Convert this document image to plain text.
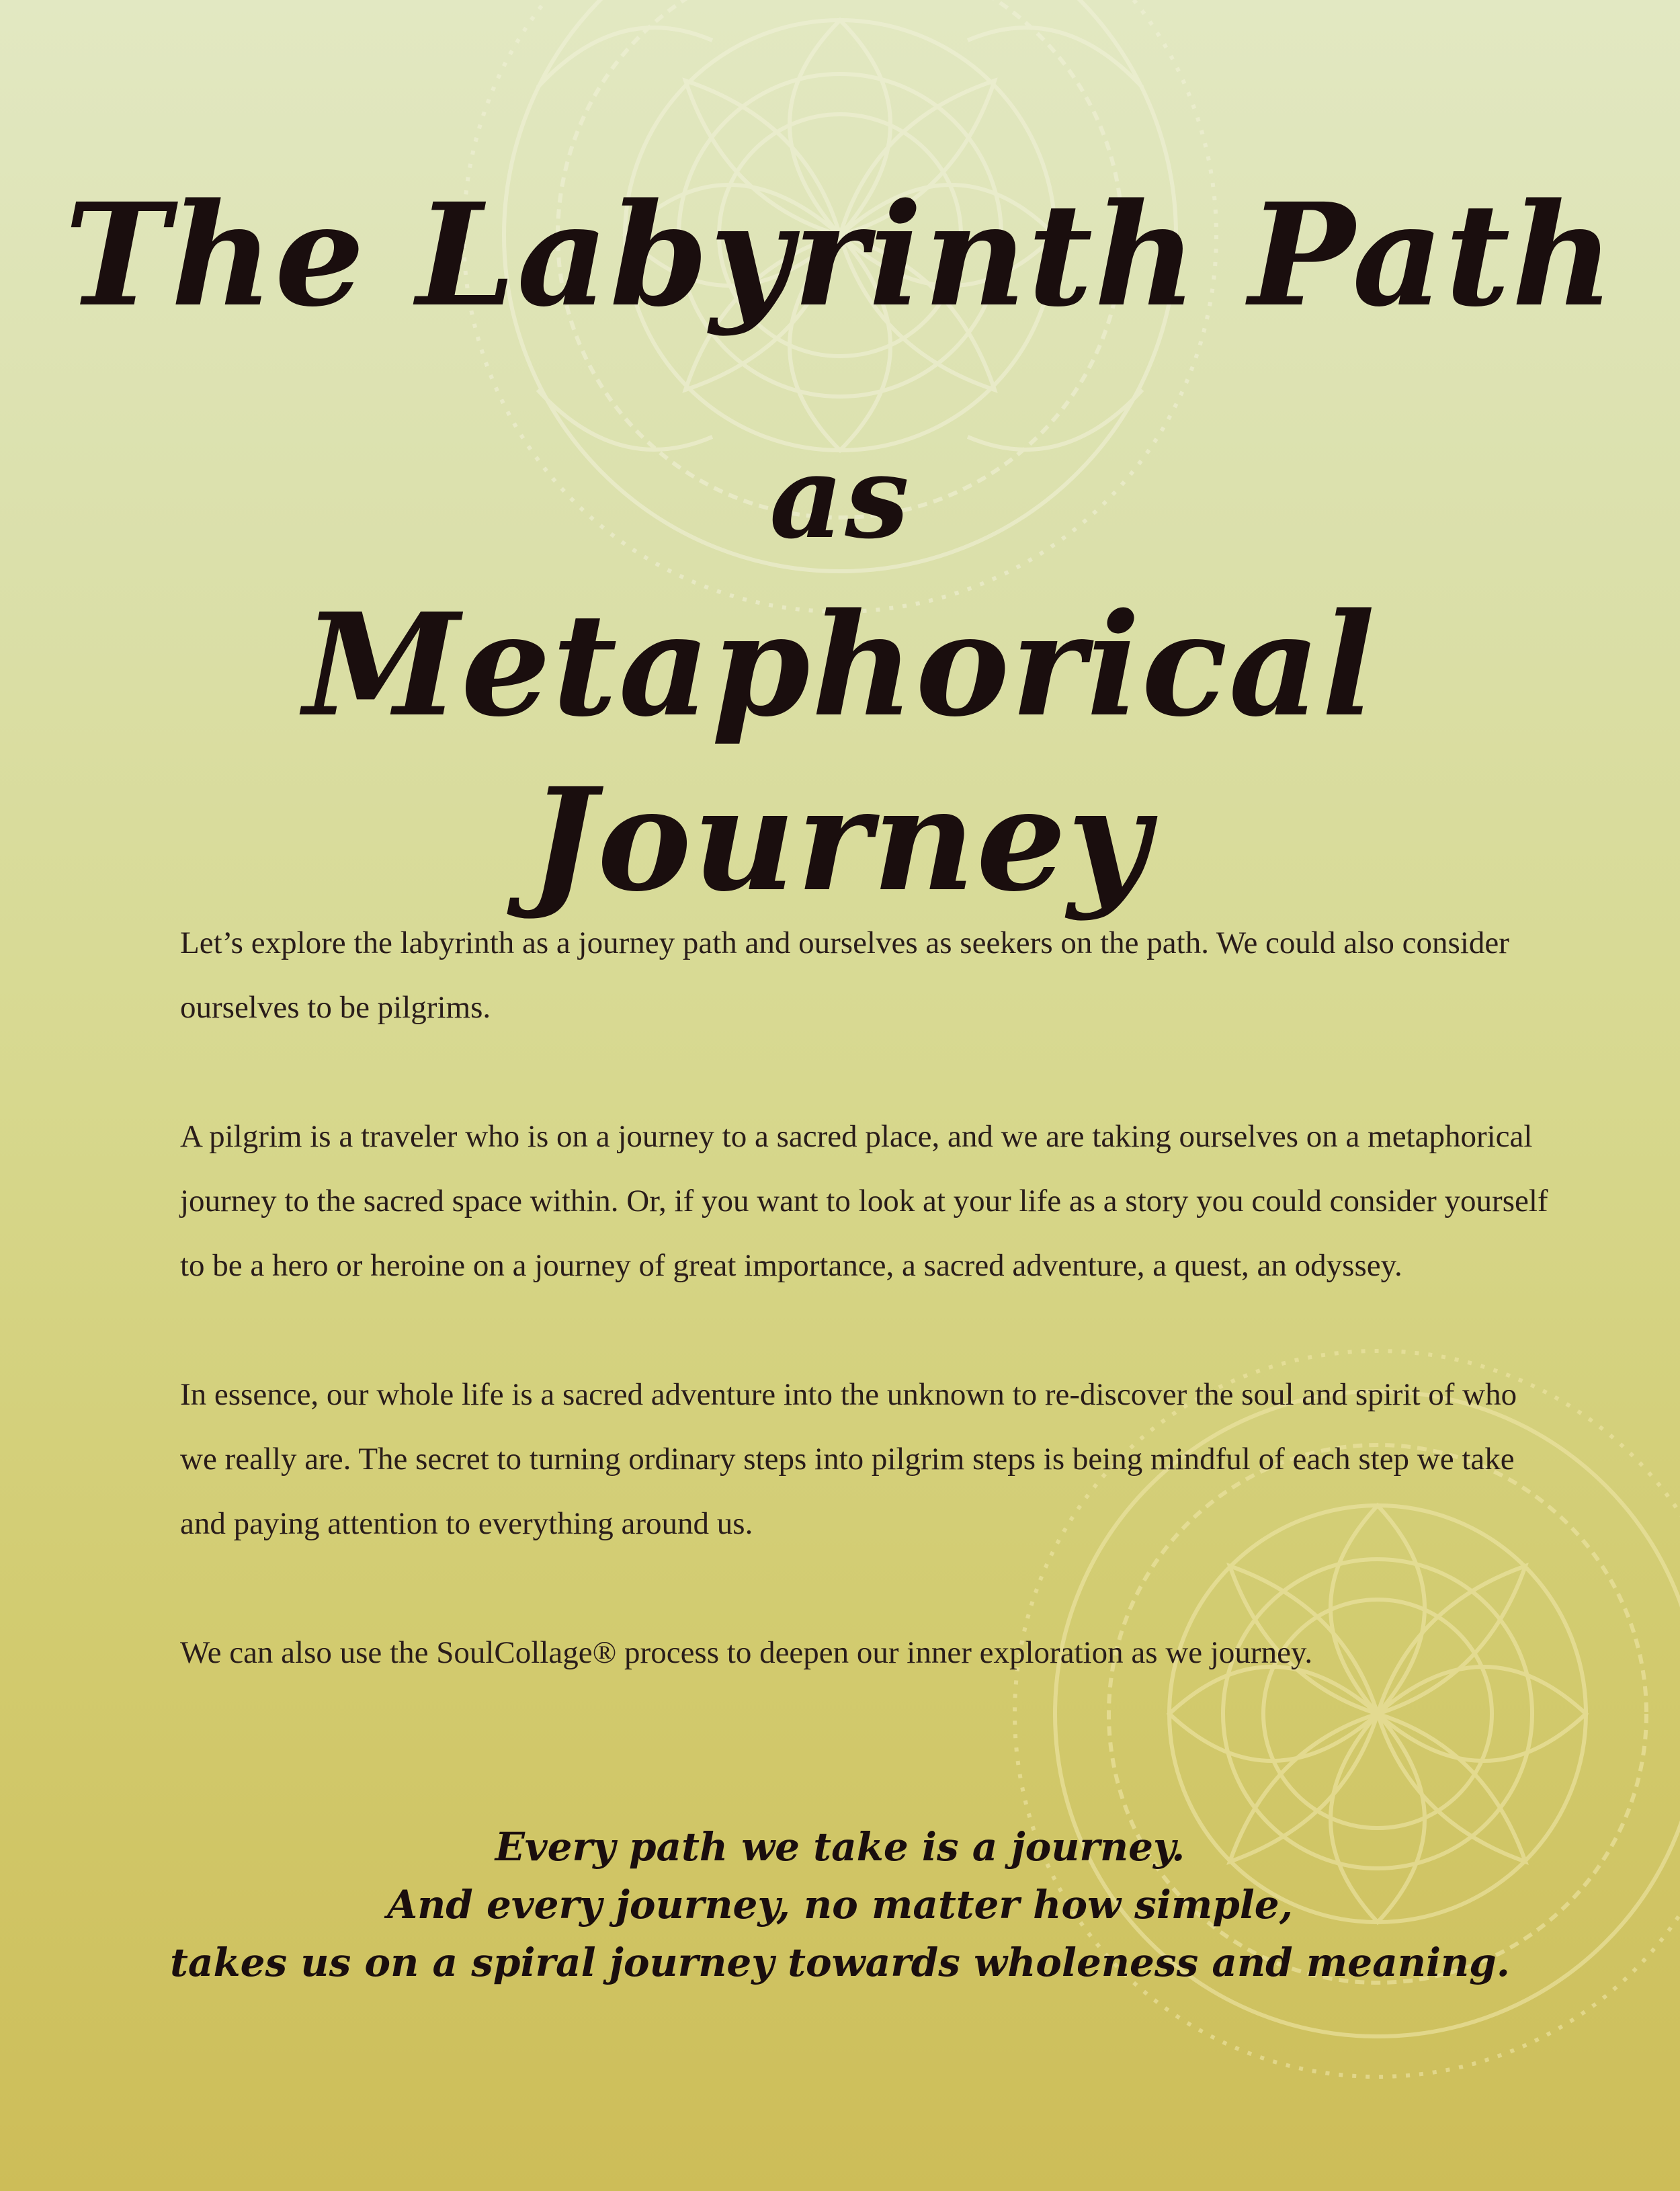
The Labyrinth Path
as
Metaphorical Journey

Let’s explore the labyrinth as a journey path and ourselves as seekers on the path. We could also consider ourselves to be pilgrims.

A pilgrim is a traveler who is on a journey to a sacred place, and we are taking ourselves on a metaphorical journey to the sacred space within. Or, if you want to look at your life as a story you could consider yourself to be a hero or heroine on a journey of great importance, a sacred adventure, a quest, an odyssey.

In essence, our whole life is a sacred adventure into the unknown to re-discover the soul and spirit of who we really are. The secret to turning ordinary steps into pilgrim steps is being mindful of each step we take and paying attention to everything around us.

We can also use the SoulCollage® process to deepen our inner exploration as we journey.

Every path we take is a journey.
And every journey, no matter how simple,
takes us on a spiral journey towards wholeness and meaning.
